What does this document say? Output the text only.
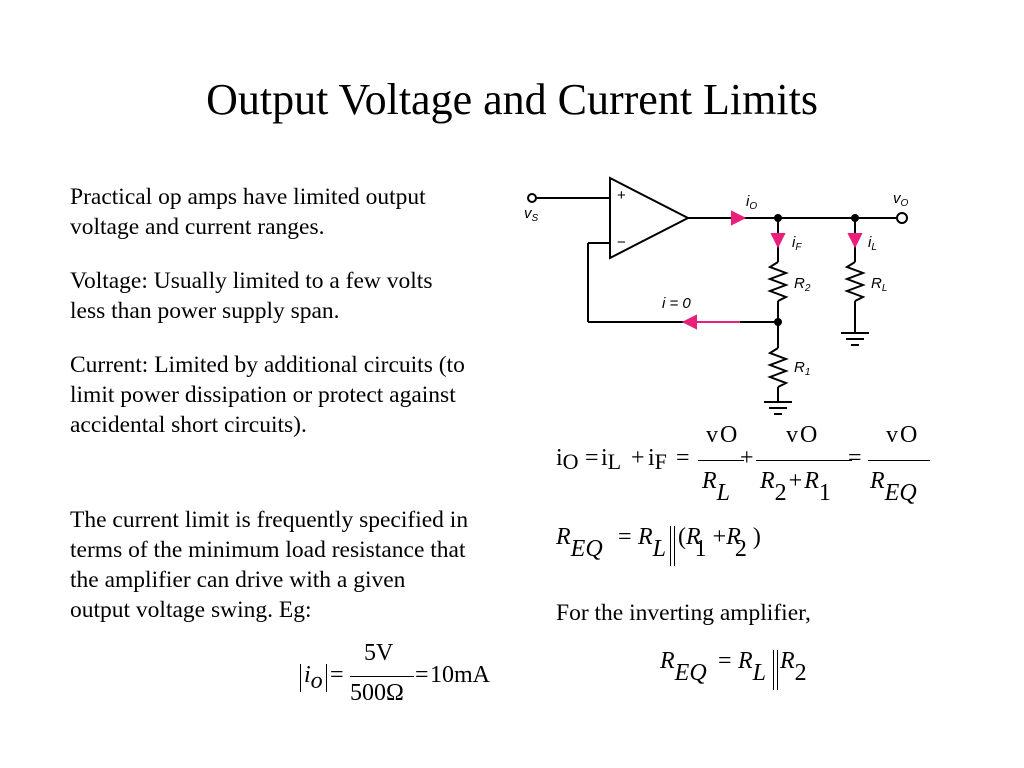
Output Voltage and Current Limits

Practical op amps have limited output voltage and current ranges.

Voltage: Usually limited to a few volts less than power supply span.

Current: Limited by additional circuits (to limit power dissipation or protect against accidental short circuits).

The current limit is frequently specified in terms of the minimum load resistance that the amplifier can drive with a given output voltage swing. Eg:

+
−
$v_S$
$i_O$	$v_O$
$i_F$	$i_L$
$R_2$	$R_L$
$R_1$
i = 0
iO = iL + iF =
vO
RL
+
vO
R2+R1
=
vO
REQ
REQ = RL (R1 +R2 )
For the inverting amplifier,
REQ = RL R2
io =
5V
500Ω
= 10mA
